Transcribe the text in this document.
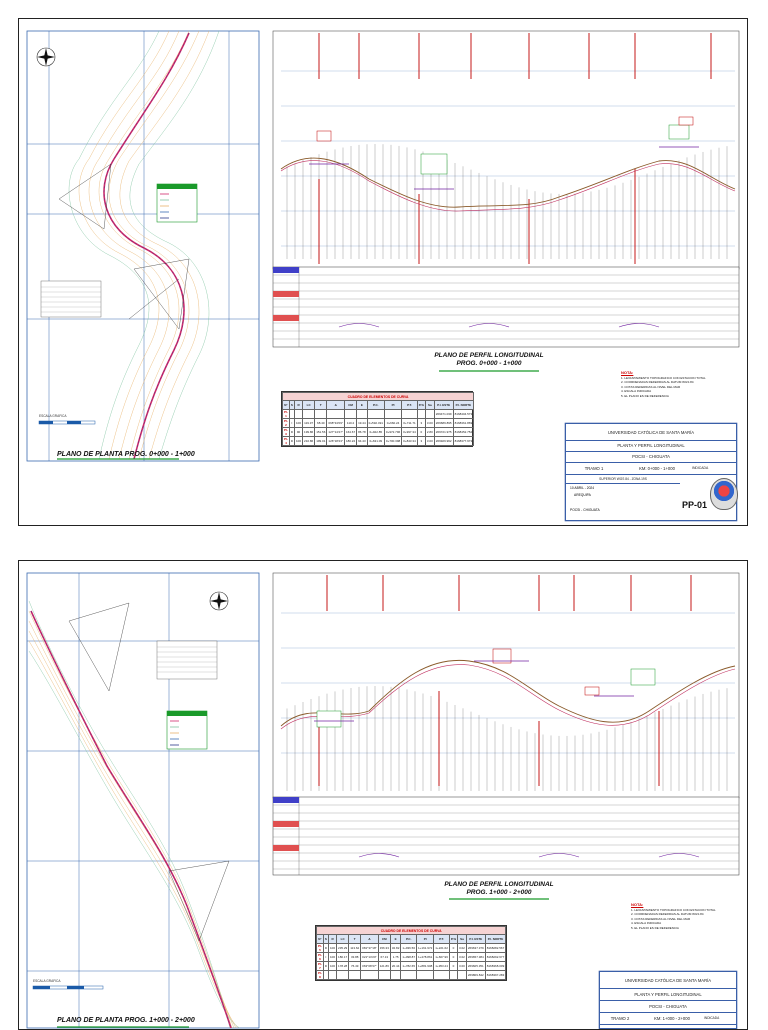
PLANO DE PLANTA PROG. 0+000 - 1+000
ESCALA GRAFICA
PLANO DE PERFIL LONGITUDINAL
PROG. 0+000 - 1+000
CUADRO DE ELEMENTOS DE CURVA														
N°	S	R	LC	T	Δ	CM	E	P.C.	PI	P.T.	P.%	Sa	P.I. ESTE	P.I. NORTE
PI-1													269471.039	8168404.573
PI-2	I	100	119.37	68.40	068°34'09"	110.2	19.44	0+592.491	0+660.24	0+711.71	3	3.00	269689.895	8168361.869
PI-3	D	90	199.86	151.56	127°14'27"	164.67	86.78	0+922.85	0+972.796	0+997.34	0	2.80	269721.975	8168452.752
PI-4	D	100	210.86	199.01	126°18'23"	180.22	94.43	0+631.09	0+700.398	0+843.34	3	3.00	269929.962	8168377.973
NOTA:
1. LEVANTAMIENTO TOPOGRAFICO CON ESTACION TOTAL
2. COORDENADAS REFERIDAS AL DATUM WGS 84
3. COTAS REFERIDAS AL NIVEL DEL MAR
4. ESCALA INDICADA
5. EL PLANO ES DE REFERENCIA
UNIVERSIDAD CATÓLICA DE SANTA MARÍA
PLANTA Y PERFIL LONGITUDINAL
POCSI - CHIGUATA
TRAMO 1	KM: 0+000 - 1+000	INDICADA
SUPERIOR WGS 84 - ZONA 19S
10 ABRIL - 2024
AREQUIPA
POCSI - CHIGUATA	PP-01
PLANO DE PLANTA PROG. 1+000 - 2+000
ESCALA GRAFICA
PLANO DE PERFIL LONGITUDINAL
PROG. 1+000 - 2+000
CUADRO DE ELEMENTOS DE CURVA														
N°	S	R	LC	T	Δ	CM	E	P.C.	PI	P.T.	P.%	Sa	P.I. ESTE	P.I. NORTE
PI-5	D	100	235.29	113.62	081°37'18"	156.33	32.82	1+936.56	1+161.972	1+221.62	0	3.02	269637.379	8168282.567
PI-6	I	100	180.17	33.88	021°13'20"	67.13	1.75	1+098.87	1+478.861	1+667.96	0	3.02	269657.384	8168292.677
PI-7	D	100	178.28	76.49	063°08'37"	121.86	20.44	1+782.65	1+881.908	1+953.24	0	3.00	269605.351	8168368.009
PI-8													269809.842	8168397.283
NOTA:
1. LEVANTAMIENTO TOPOGRAFICO CON ESTACION TOTAL
2. COORDENADAS REFERIDAS AL DATUM WGS 84
3. COTAS REFERIDAS AL NIVEL DEL MAR
4. ESCALA INDICADA
5. EL PLANO ES DE REFERENCIA
UNIVERSIDAD CATÓLICA DE SANTA MARÍA
PLANTA Y PERFIL LONGITUDINAL
POCSI - CHIGUATA
TRAMO 2	KM: 1+000 - 2+000	INDICADA
